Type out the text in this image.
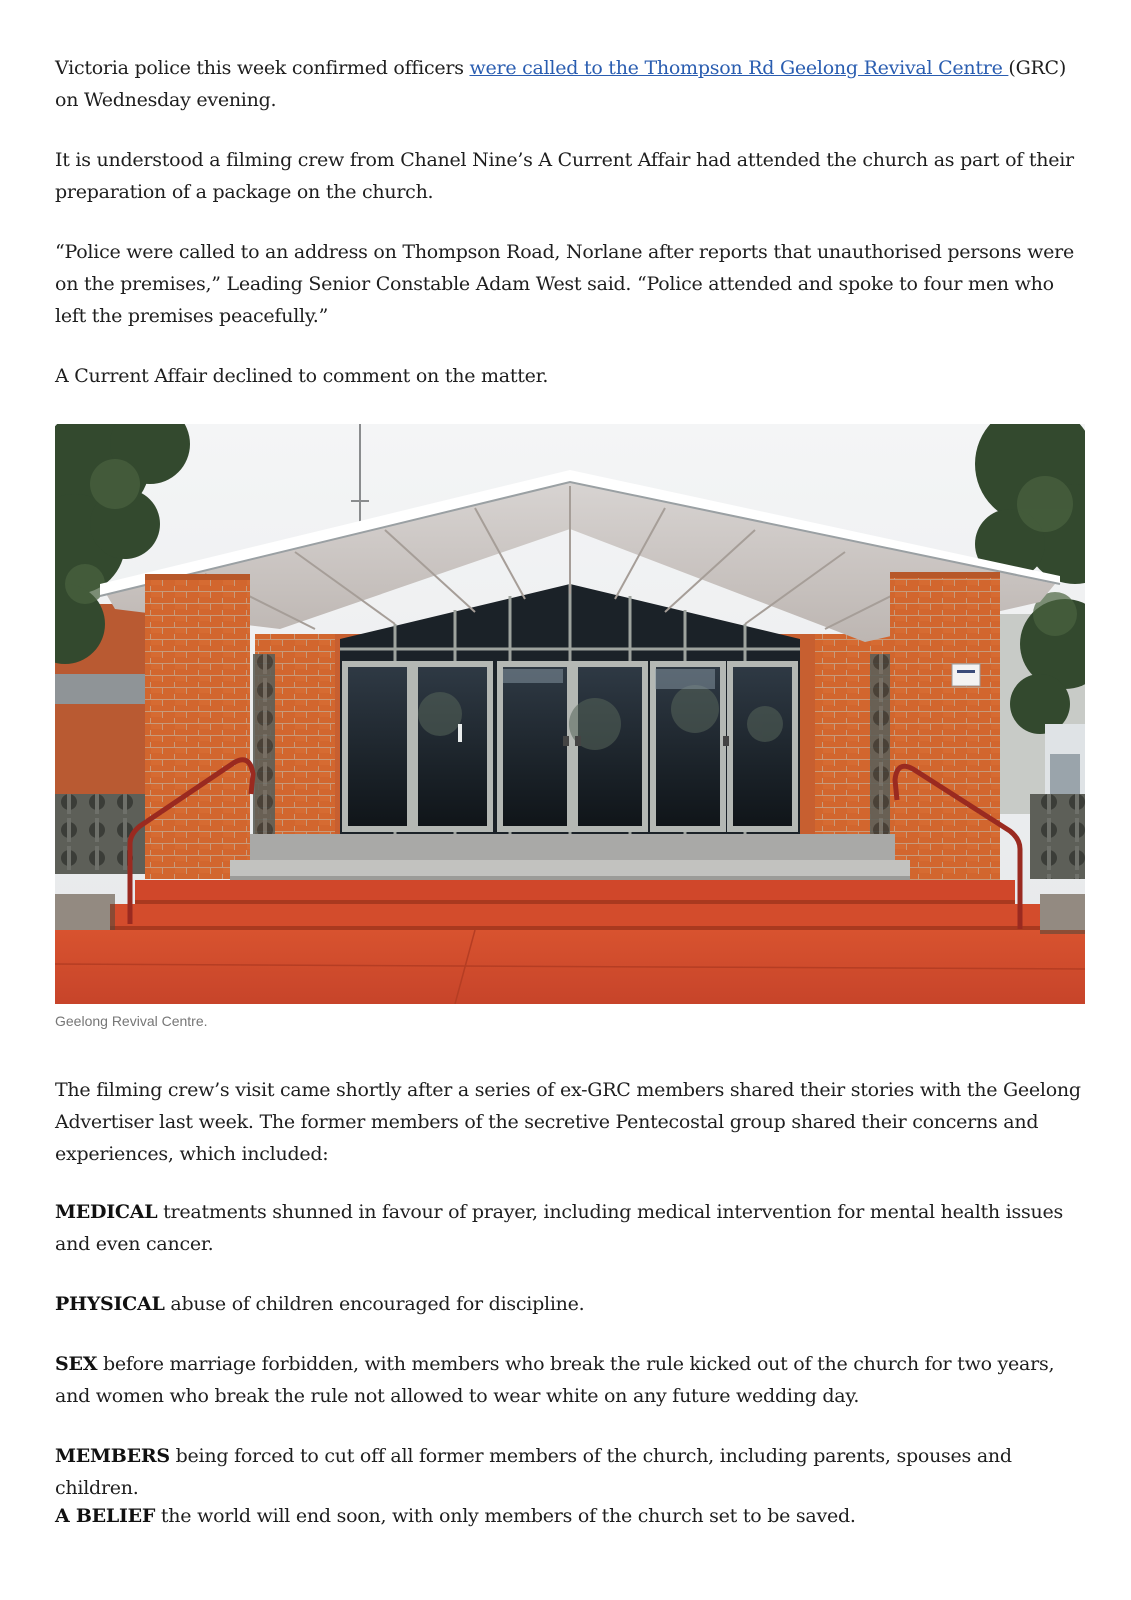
Victoria police this week confirmed officers were called to the Thompson Rd Geelong Revival Centre (GRC) on Wednesday evening.

It is understood a filming crew from Chanel Nine’s A Current Affair had attended the church as part of their preparation of a package on the church.

“Police were called to an address on Thompson Road, Norlane after reports that unauthorised persons were on the premises,” Leading Senior Constable Adam West said. “Police attended and spoke to four men who left the premises peacefully.”

A Current Affair declined to comment on the matter.

Geelong Revival Centre.

The filming crew’s visit came shortly after a series of ex-GRC members shared their stories with the Geelong Advertiser last week. The former members of the secretive Pentecostal group shared their concerns and experiences, which included:

MEDICAL treatments shunned in favour of prayer, including medical intervention for mental health issues and even cancer.

PHYSICAL abuse of children encouraged for discipline.

SEX before marriage forbidden, with members who break the rule kicked out of the church for two years, and women who break the rule not allowed to wear white on any future wedding day.

MEMBERS being forced to cut off all former members of the church, including parents, spouses and children.

A BELIEF the world will end soon, with only members of the church set to be saved.
